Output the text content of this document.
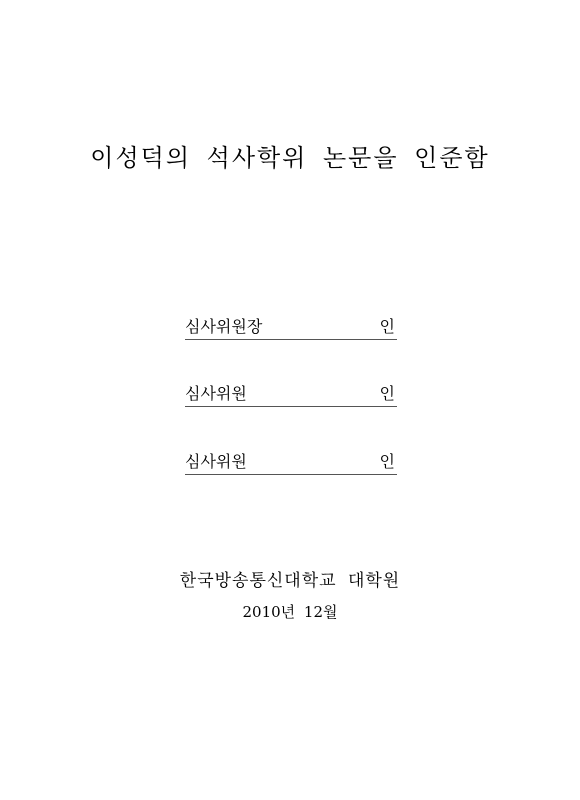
이성덕의 석사학위 논문을 인준함
심사위원장	인
심사위원	인
심사위원	인
한국방송통신대학교 대학원
2010년 12월
